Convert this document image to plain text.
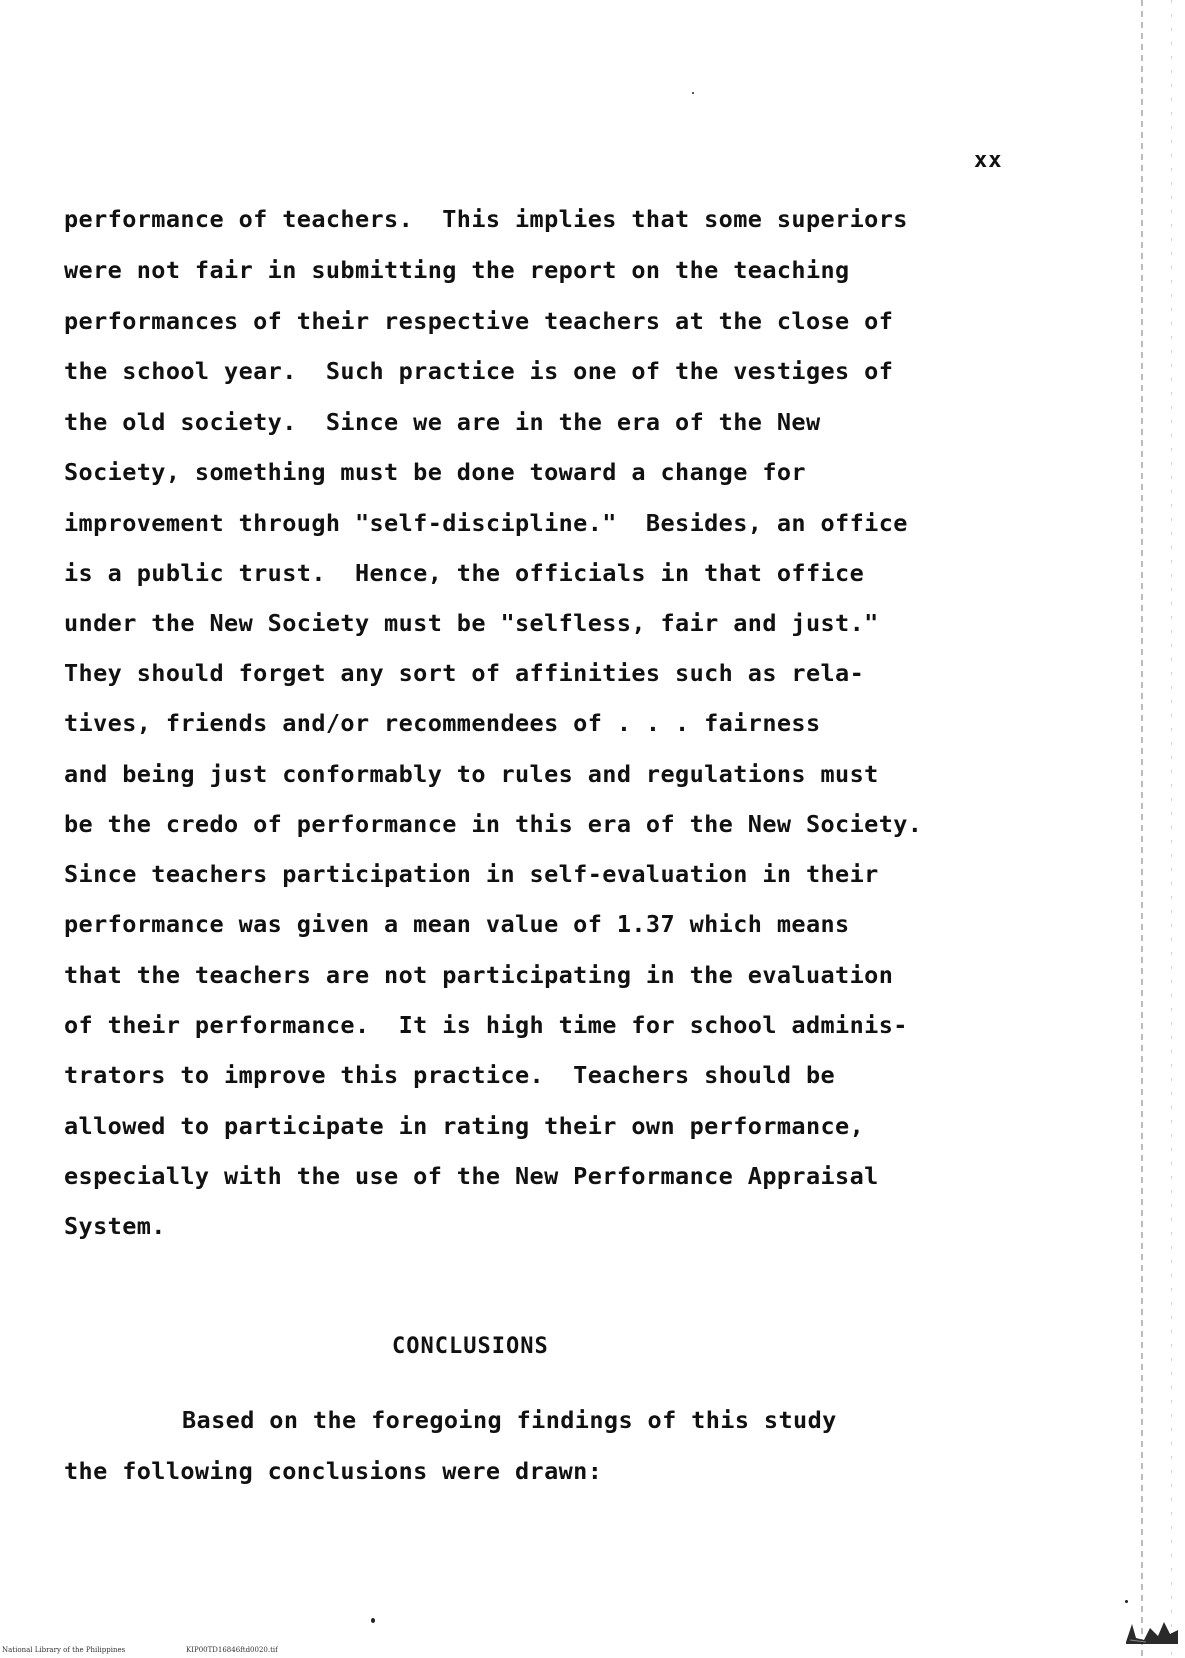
xx
performance of teachers.  This implies that some superiors
were not fair in submitting the report on the teaching
performances of their respective teachers at the close of
the school year.  Such practice is one of the vestiges of
the old society.  Since we are in the era of the New
Society, something must be done toward a change for
improvement through "self-discipline."  Besides, an office
is a public trust.  Hence, the officials in that office
under the New Society must be "selfless, fair and just."
They should forget any sort of affinities such as rela-
tives, friends and/or recommendees of . . . fairness
and being just conformably to rules and regulations must
be the credo of performance in this era of the New Society.
Since teachers participation in self-evaluation in their
performance was given a mean value of 1.37 which means
that the teachers are not participating in the evaluation
of their performance.  It is high time for school adminis-
trators to improve this practice.  Teachers should be
allowed to participate in rating their own performance,
especially with the use of the New Performance Appraisal
System.
CONCLUSIONS
Based on the foregoing findings of this study
the following conclusions were drawn:
National Library of the Philippines	KIP00TD16846ftd0020.tif
